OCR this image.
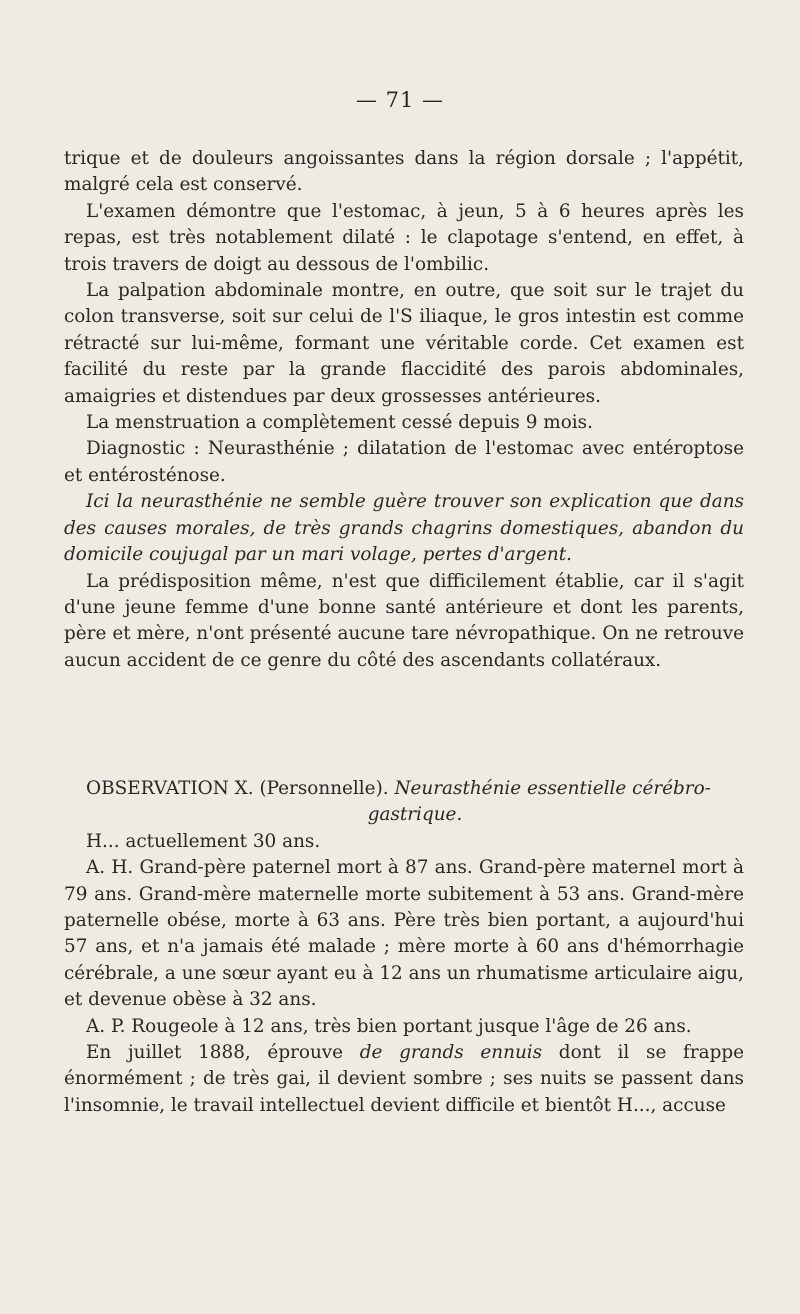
— 71 —

trique et de douleurs angoissantes dans la région dorsale ; l'appétit, malgré cela est conservé.

L'examen démontre que l'estomac, à jeun, 5 à 6 heures après les repas, est très notablement dilaté : le clapotage s'entend, en effet, à trois travers de doigt au dessous de l'ombilic.

La palpation abdominale montre, en outre, que soit sur le trajet du colon transverse, soit sur celui de l'S iliaque, le gros intestin est comme rétracté sur lui-même, formant une véritable corde. Cet examen est facilité du reste par la grande flaccidité des parois abdominales, amaigries et distendues par deux grossesses antérieures.

La menstruation a complètement cessé depuis 9 mois.

Diagnostic : Neurasthénie ; dilatation de l'estomac avec entéroptose et entérosténose.

Ici la neurasthénie ne semble guère trouver son explication que dans des causes morales, de très grands chagrins domestiques, abandon du domicile coujugal par un mari volage, pertes d'argent.

La prédisposition même, n'est que difficilement établie, car il s'agit d'une jeune femme d'une bonne santé antérieure et dont les parents, père et mère, n'ont présenté aucune tare névropathique. On ne retrouve aucun accident de ce genre du côté des ascendants collatéraux.

OBSERVATION X. (Personnelle). Neurasthénie essentielle cérébro-

gastrique.

H... actuellement 30 ans.

A. H. Grand-père paternel mort à 87 ans. Grand-père maternel mort à 79 ans. Grand-mère maternelle morte subitement à 53 ans. Grand-mère paternelle obése, morte à 63 ans. Père très bien portant, a aujourd'hui 57 ans, et n'a jamais été malade ; mère morte à 60 ans d'hémorrhagie cérébrale, a une sœur ayant eu à 12 ans un rhumatisme articulaire aigu, et devenue obèse à 32 ans.

A. P. Rougeole à 12 ans, très bien portant jusque l'âge de 26 ans.

En juillet 1888, éprouve de grands ennuis dont il se frappe énormément ; de très gai, il devient sombre ; ses nuits se passent dans l'insomnie, le travail intellectuel devient difficile et bientôt H..., accuse
